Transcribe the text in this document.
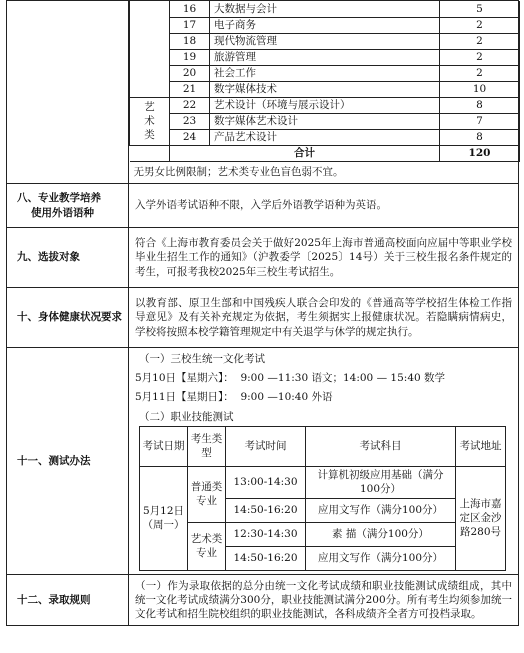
	16	大数据与会计	5
17	电子商务	2
18	现代物流管理	2
19	旅游管理	2
20	社会工作	2
21	数字媒体技术	10
艺术类	22	艺术设计（环境与展示设计）	8
23	数字媒体艺术设计	7
24	产品艺术设计	8
	合计	120
无男女比例限制；艺术类专业色盲色弱不宜。

八、专业教学培养
使用外语语种
	入学外语考试语种不限，入学后外语教学语种为英语。
九、选拔对象	

符合《上海市教育委员会关于做好2025年上海市普通高校面向应届中等职业学校毕业生招生工作的通知》（沪教委学〔2025〕14号）关于三校生报名条件规定的考生，可报考我校2025年三校生考试招生。

十、身体健康状况要求	

以教育部、原卫生部和中国残疾人联合会印发的《普通高等学校招生体检工作指导意见》及有关补充规定为依据，考生须据实上报健康状况。若隐瞒病情病史，学校将按照本校学籍管理规定中有关退学与休学的规定执行。

十一、测试办法	
（一）三校生统一文化考试
5月10日【星期六】：  9:00 —11:30 语文；14:00 — 15:40 数学
5月11日【星期日】：  9:00 —10:40 外语
（二）职业技能测试
考试日期	考生类型	考试时间	考试科目	考试地址
5月12日（周一）	普通类专业	13:00-14:30	计算机初级应用基础（满分100分）	上海市嘉定区金沙路280号
14:50-16:20	应用文写作（满分100分）
艺术类专业	12:30-14:30	素 描（满分100分）
14:50-16:20	应用文写作（满分100分）

十二、录取规则	

（一）作为录取依据的总分由统一文化考试成绩和职业技能测试成绩组成，其中统一文化考试成绩满分300分，职业技能测试满分200分。所有考生均须参加统一文化考试和招生院校组织的职业技能测试，各科成绩齐全者方可投档录取。
